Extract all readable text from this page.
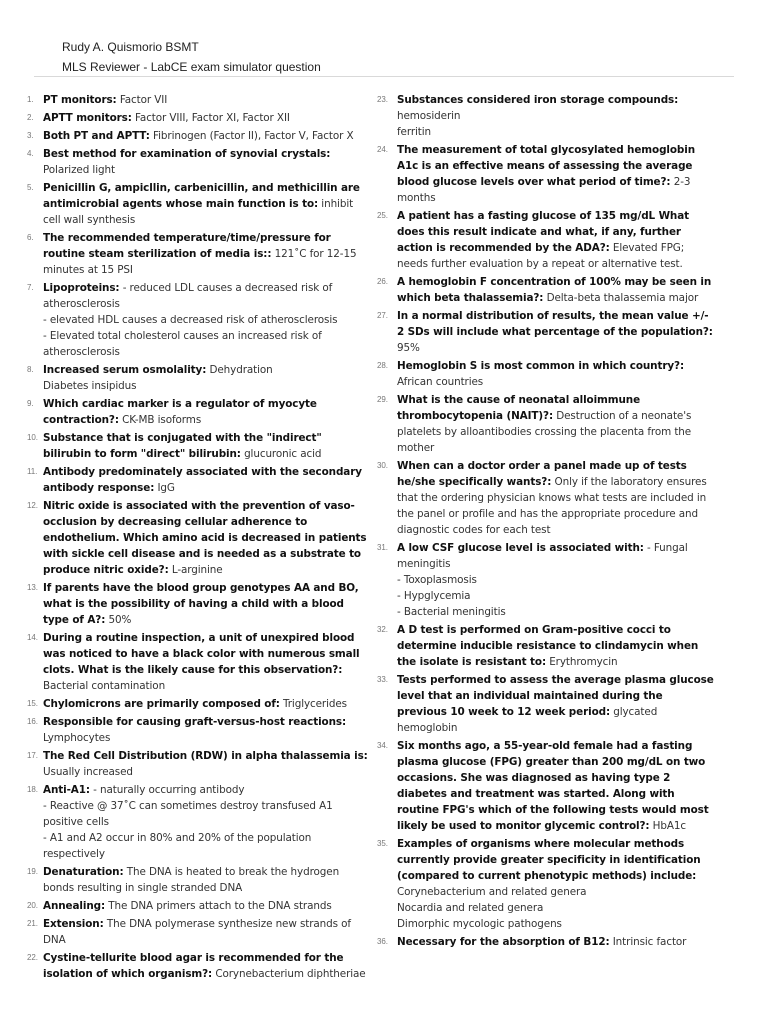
Rudy A. Quismorio BSMT
MLS Reviewer - LabCE exam simulator question
1. PT monitors: Factor VII
2. APTT monitors: Factor VIII, Factor XI, Factor XII
3. Both PT and APTT: Fibrinogen (Factor II), Factor V, Factor X
4. Best method for examination of synovial crystals: Polarized light
5. Penicillin G, ampicllin, carbenicillin, and methicillin are antimicrobial agents whose main function is to: inhibit cell wall synthesis
6. The recommended temperature/time/pressure for routine steam sterilization of media is:: 121˚C for 12-15 minutes at 15 PSI
7. Lipoproteins: - reduced LDL causes a decreased risk of atherosclerosis
- elevated HDL causes a decreased risk of atherosclerosis
- Elevated total cholesterol causes an increased risk of atherosclerosis
8. Increased serum osmolality: Dehydration
Diabetes insipidus
9. Which cardiac marker is a regulator of myocyte contraction?: CK-MB isoforms
10. Substance that is conjugated with the "indirect" bilirubin to form "direct" bilirubin: glucuronic acid
11. Antibody predominately associated with the secondary antibody response: IgG
12. Nitric oxide is associated with the prevention of vaso-occlusion by decreasing cellular adherence to endothelium. Which amino acid is decreased in patients with sickle cell disease and is needed as a substrate to produce nitric oxide?: L-arginine
13. If parents have the blood group genotypes AA and BO, what is the possibility of having a child with a blood type of A?: 50%
14. During a routine inspection, a unit of unexpired blood was noticed to have a black color with numerous small clots. What is the likely cause for this observation?: Bacterial contamination
15. Chylomicrons are primarily composed of: Triglycerides
16. Responsible for causing graft-versus-host reactions: Lymphocytes
17. The Red Cell Distribution (RDW) in alpha thalassemia is: Usually increased
18. Anti-A1: - naturally occurring antibody
- Reactive @ 37˚C can sometimes destroy transfused A1 positive cells
- A1 and A2 occur in 80% and 20% of the population respectively
19. Denaturation: The DNA is heated to break the hydrogen bonds resulting in single stranded DNA
20. Annealing: The DNA primers attach to the DNA strands
21. Extension: The DNA polymerase synthesize new strands of DNA
22. Cystine-tellurite blood agar is recommended for the isolation of which organism?: Corynebacterium diphtheriae
23. Substances considered iron storage compounds:
hemosiderin
ferritin
24. The measurement of total glycosylated hemoglobin A1c is an effective means of assessing the average blood glucose levels over what period of time?: 2-3 months
25. A patient has a fasting glucose of 135 mg/dL What does this result indicate and what, if any, further action is recommended by the ADA?: Elevated FPG; needs further evaluation by a repeat or alternative test.
26. A hemoglobin F concentration of 100% may be seen in which beta thalassemia?: Delta-beta thalassemia major
27. In a normal distribution of results, the mean value +/- 2 SDs will include what percentage of the population?: 95%
28. Hemoglobin S is most common in which country?: African countries
29. What is the cause of neonatal alloimmune thrombocytopenia (NAIT)?: Destruction of a neonate's platelets by alloantibodies crossing the placenta from the mother
30. When can a doctor order a panel made up of tests he/she specifically wants?: Only if the laboratory ensures that the ordering physician knows what tests are included in the panel or profile and has the appropriate procedure and diagnostic codes for each test
31. A low CSF glucose level is associated with: - Fungal meningitis
- Toxoplasmosis
- Hypglycemia
- Bacterial meningitis
32. A D test is performed on Gram-positive cocci to determine inducible resistance to clindamycin when the isolate is resistant to: Erythromycin
33. Tests performed to assess the average plasma glucose level that an individual maintained during the previous 10 week to 12 week period: glycated hemoglobin
34. Six months ago, a 55-year-old female had a fasting plasma glucose (FPG) greater than 200 mg/dL on two occasions. She was diagnosed as having type 2 diabetes and treatment was started. Along with routine FPG's which of the following tests would most likely be used to monitor glycemic control?: HbA1c
35. Examples of organisms where molecular methods currently provide greater specificity in identification (compared to current phenotypic methods) include: Corynebacterium and related genera
Nocardia and related genera
Dimorphic mycologic pathogens
36. Necessary for the absorption of B12: Intrinsic factor
